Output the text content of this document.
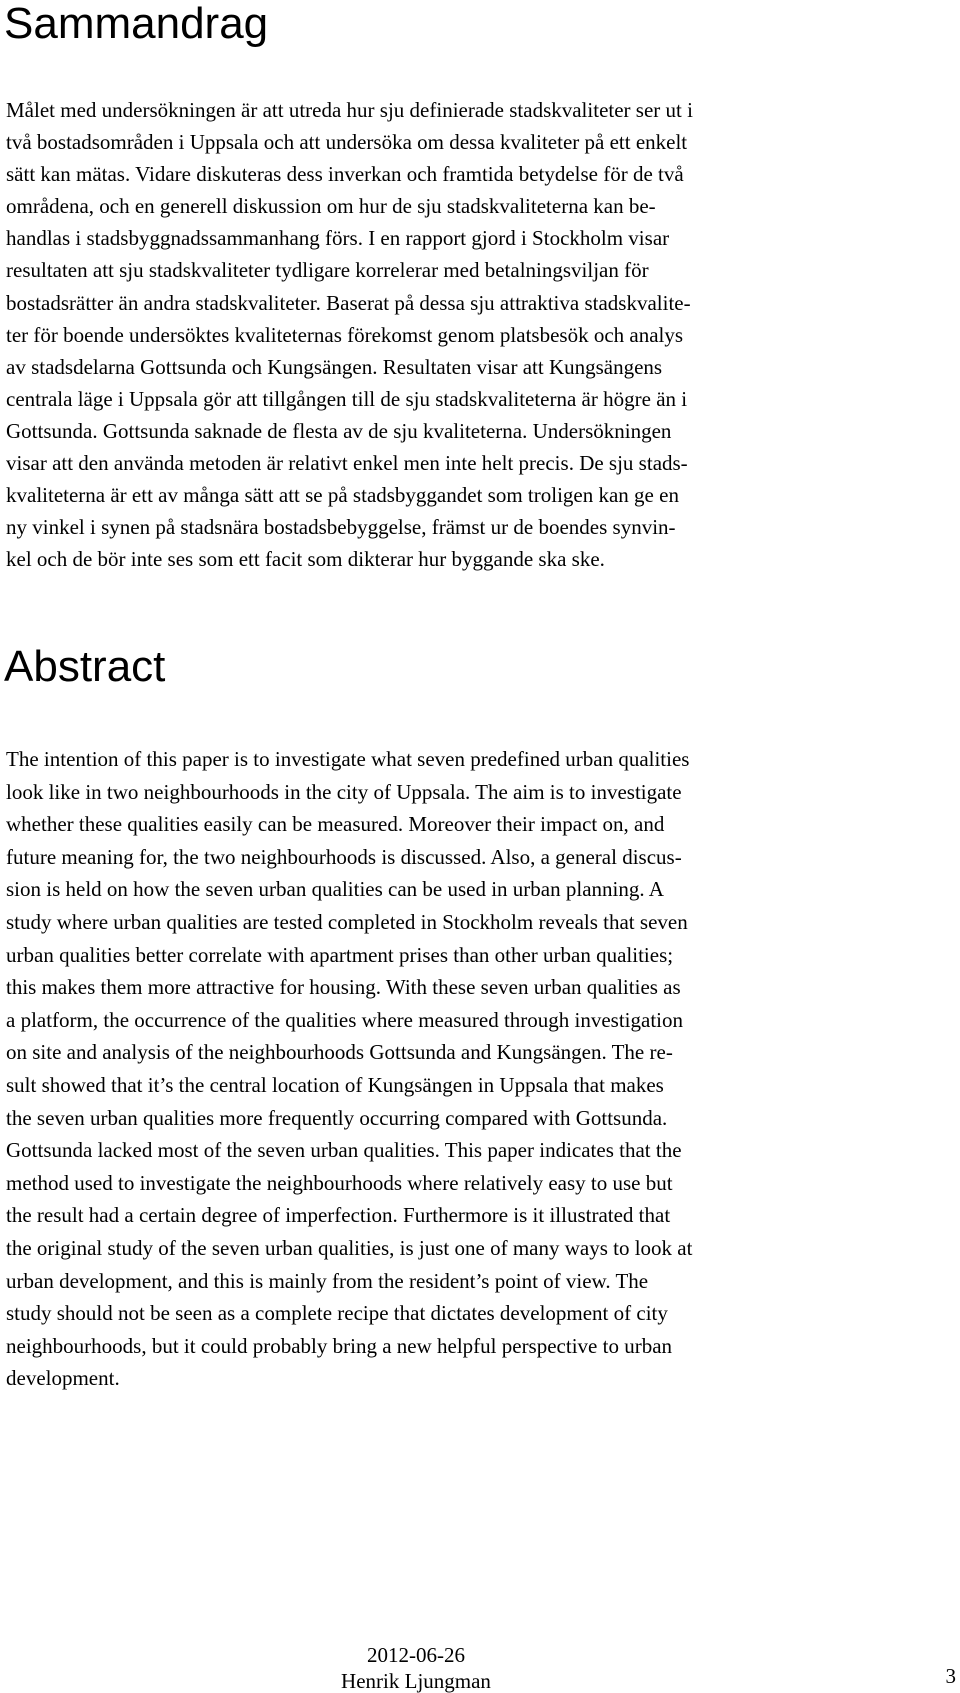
Sammandrag
Målet med undersökningen är att utreda hur sju definierade stadskvaliteter ser ut i
två bostadsområden i Uppsala och att undersöka om dessa kvaliteter på ett enkelt
sätt kan mätas. Vidare diskuteras dess inverkan och framtida betydelse för de två
områdena, och en generell diskussion om hur de sju stadskvaliteterna kan be-
handlas i stadsbyggnadssammanhang förs. I en rapport gjord i Stockholm visar
resultaten att sju stadskvaliteter tydligare korrelerar med betalningsviljan för
bostadsrätter än andra stadskvaliteter. Baserat på dessa sju attraktiva stadskvalite-
ter för boende undersöktes kvaliteternas förekomst genom platsbesök och analys
av stadsdelarna Gottsunda och Kungsängen. Resultaten visar att Kungsängens
centrala läge i Uppsala gör att tillgången till de sju stadskvaliteterna är högre än i
Gottsunda. Gottsunda saknade de flesta av de sju kvaliteterna. Undersökningen
visar att den använda metoden är relativt enkel men inte helt precis. De sju stads-
kvaliteterna är ett av många sätt att se på stadsbyggandet som troligen kan ge en
ny vinkel i synen på stadsnära bostadsbebyggelse, främst ur de boendes synvin-
kel och de bör inte ses som ett facit som dikterar hur byggande ska ske.
Abstract
The intention of this paper is to investigate what seven predefined urban qualities
look like in two neighbourhoods in the city of Uppsala. The aim is to investigate
whether these qualities easily can be measured. Moreover their impact on, and
future meaning for, the two neighbourhoods is discussed. Also, a general discus-
sion is held on how the seven urban qualities can be used in urban planning. A
study where urban qualities are tested completed in Stockholm reveals that seven
urban qualities better correlate with apartment prises than other urban qualities;
this makes them more attractive for housing. With these seven urban qualities as
a platform, the occurrence of the qualities where measured through investigation
on site and analysis of the neighbourhoods Gottsunda and Kungsängen. The re-
sult showed that it’s the central location of Kungsängen in Uppsala that makes
the seven urban qualities more frequently occurring compared with Gottsunda.
Gottsunda lacked most of the seven urban qualities. This paper indicates that the
method used to investigate the neighbourhoods where relatively easy to use but
the result had a certain degree of imperfection. Furthermore is it illustrated that
the original study of the seven urban qualities, is just one of many ways to look at
urban development, and this is mainly from the resident’s point of view. The
study should not be seen as a complete recipe that dictates development of city
neighbourhoods, but it could probably bring a new helpful perspective to urban
development.
2012-06-26
Henrik Ljungman	3
